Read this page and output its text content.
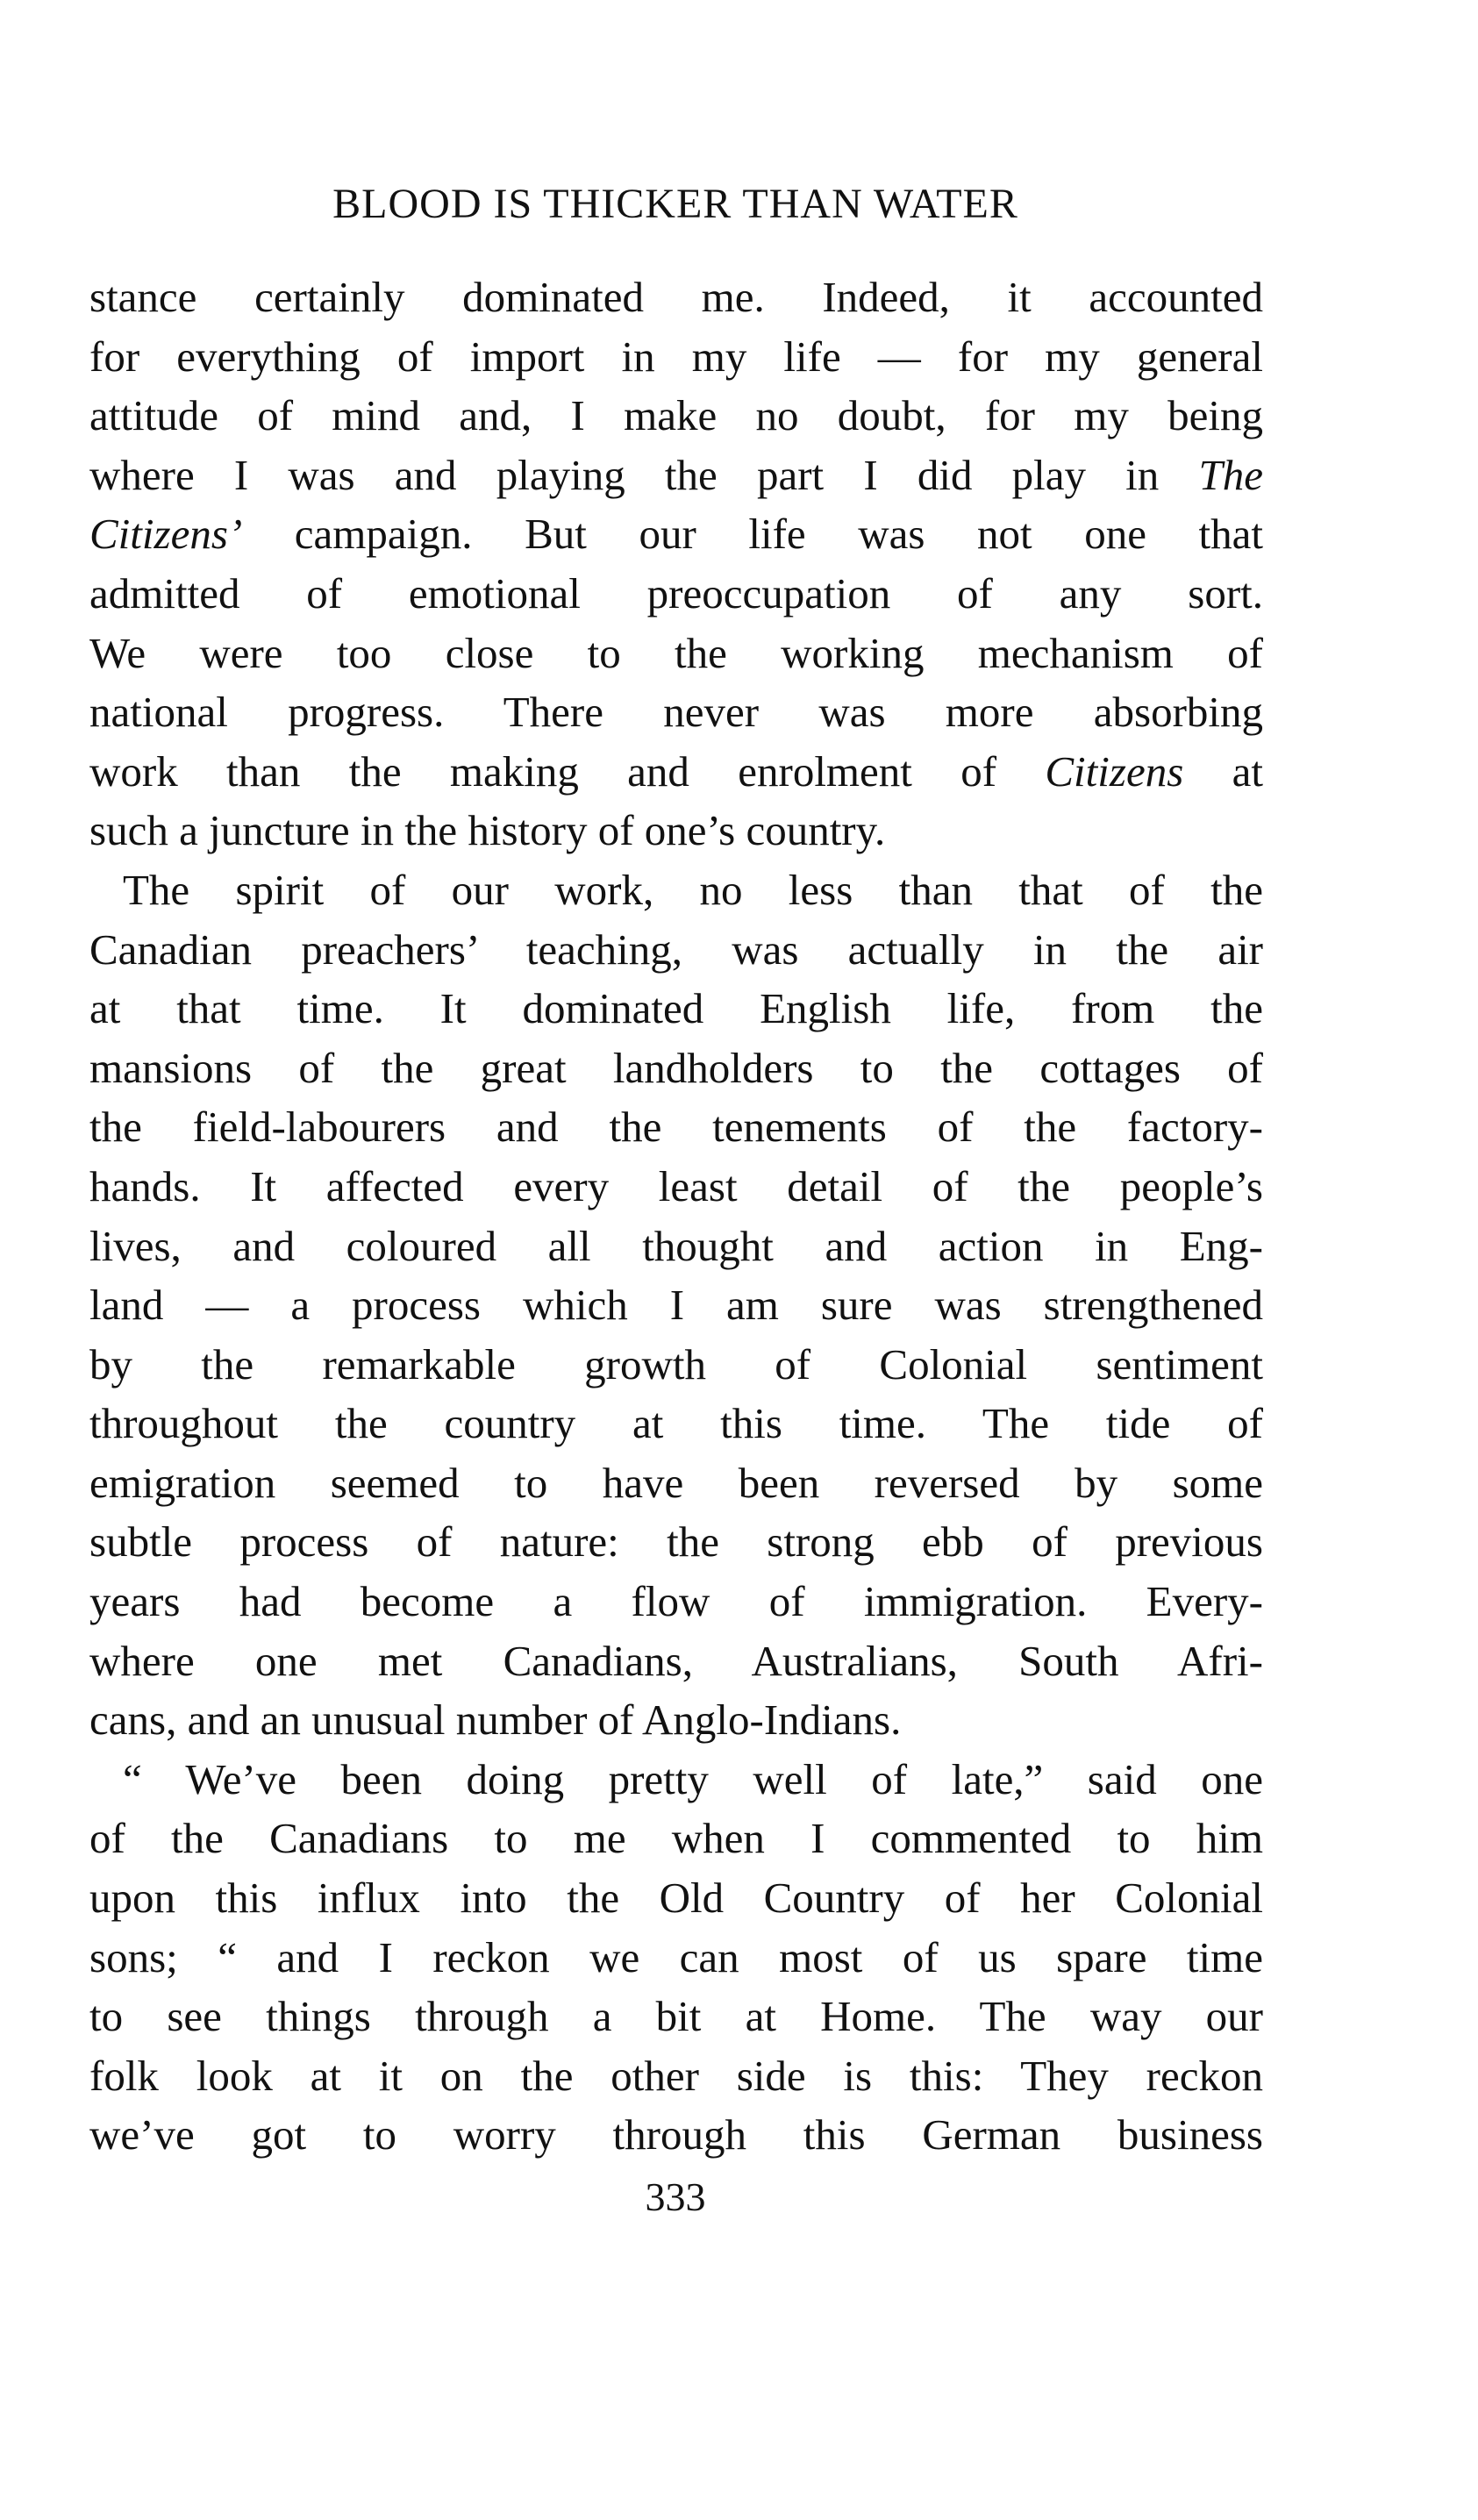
BLOOD IS THICKER THAN WATER
stance certainly dominated me. Indeed, it accounted
for everything of import in my life — for my general
attitude of mind and, I make no doubt, for my being
where I was and playing the part I did play in The
Citizens’ campaign. But our life was not one that
admitted of emotional preoccupation of any sort.
We were too close to the working mechanism of
national progress. There never was more absorbing
work than the making and enrolment of Citizens at
such a juncture in the history of one’s country.
The spirit of our work, no less than that of the
Canadian preachers’ teaching, was actually in the air
at that time. It dominated English life, from the
mansions of the great landholders to the cottages of
the field-labourers and the tenements of the factory-
hands. It affected every least detail of the people’s
lives, and coloured all thought and action in Eng-
land — a process which I am sure was strengthened
by the remarkable growth of Colonial sentiment
throughout the country at this time. The tide of
emigration seemed to have been reversed by some
subtle process of nature: the strong ebb of previous
years had become a flow of immigration. Every-
where one met Canadians, Australians, South Afri-
cans, and an unusual number of Anglo-Indians.
“ We’ve been doing pretty well of late,” said one
of the Canadians to me when I commented to him
upon this influx into the Old Country of her Colonial
sons; “ and I reckon we can most of us spare time
to see things through a bit at Home. The way our
folk look at it on the other side is this: They reckon
we’ve got to worry through this German business
333
